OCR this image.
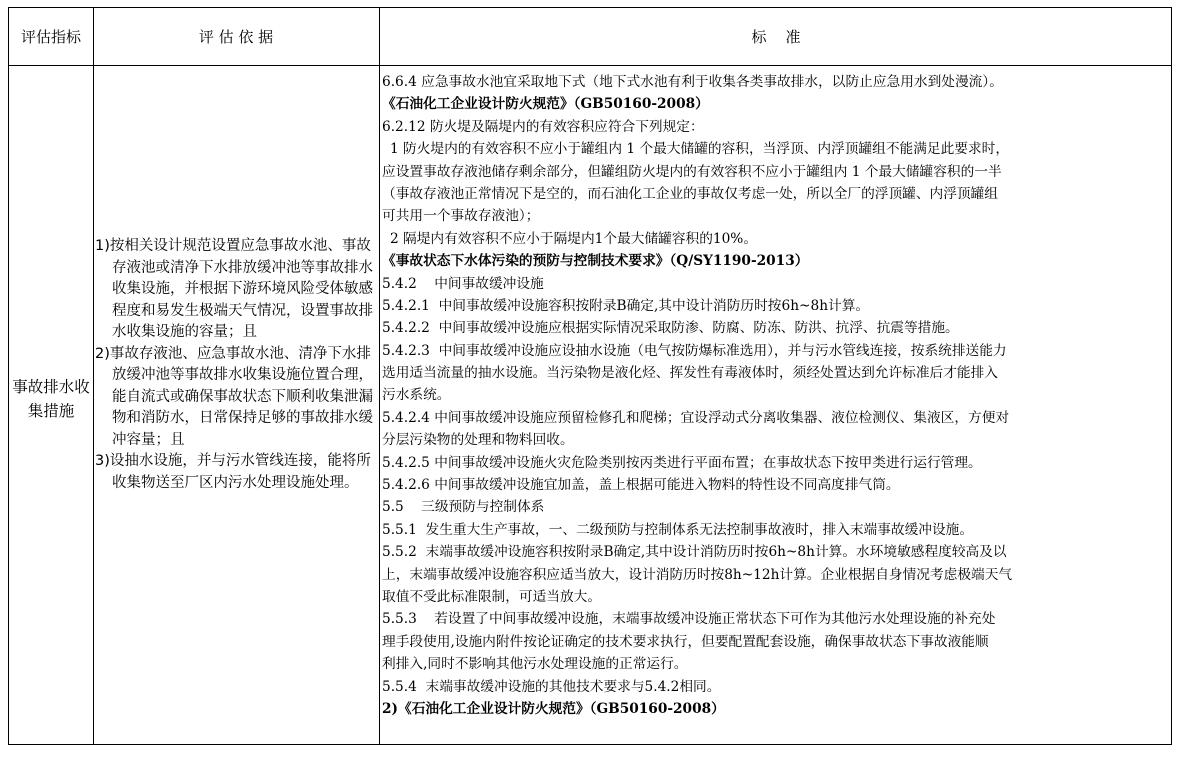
评估指标	评 估 依 据	标    准
事故排水收集措施

1)按相关设计规范设置应急事故水池、事故存液池或清净下水排放缓冲池等事故排水收集设施，并根据下游环境风险受体敏感程度和易发生极端天气情况，设置事故排水收集设施的容量；且

2)事故存液池、应急事故水池、清净下水排放缓冲池等事故排水收集设施位置合理，能自流式或确保事故状态下顺利收集泄漏物和消防水，日常保持足够的事故排水缓冲容量；且

3)设抽水设施，并与污水管线连接，能将所收集物送至厂区内污水处理设施处理。

6.6.4 应急事故水池宜采取地下式（地下式水池有利于收集各类事故排水，以防止应急用水到处漫流）。
《石油化工企业设计防火规范》（GB50160-2008）
6.2.12 防火堤及隔堤内的有效容积应符合下列规定：
1 防火堤内的有效容积不应小于罐组内 1 个最大储罐的容积，当浮顶、内浮顶罐组不能满足此要求时，
应设置事故存液池储存剩余部分，但罐组防火堤内的有效容积不应小于罐组内 1 个最大储罐容积的一半
（事故存液池正常情况下是空的，而石油化工企业的事故仅考虑一处，所以全厂的浮顶罐、内浮顶罐组
可共用一个事故存液池）；
2 隔堤内有效容积不应小于隔堤内1个最大储罐容积的10%。
《事故状态下水体污染的预防与控制技术要求》（Q/SY1190-2013）
5.4.2    中间事故缓冲设施
5.4.2.1  中间事故缓冲设施容积按附录B确定,其中设计消防历时按6h~8h计算。
5.4.2.2  中间事故缓冲设施应根据实际情况采取防渗、防腐、防冻、防洪、抗浮、抗震等措施。
5.4.2.3  中间事故缓冲设施应设抽水设施（电气按防爆标准选用），并与污水管线连接，按系统排送能力
选用适当流量的抽水设施。当污染物是液化烃、挥发性有毒液体时，须经处置达到允许标准后才能排入
污水系统。
5.4.2.4 中间事故缓冲设施应预留检修孔和爬梯；宜设浮动式分离收集器、液位检测仪、集液区，方便对
分层污染物的处理和物料回收。
5.4.2.5 中间事故缓冲设施火灾危险类别按丙类进行平面布置；在事故状态下按甲类进行运行管理。
5.4.2.6 中间事故缓冲设施宜加盖，盖上根据可能进入物料的特性设不同高度排气筒。
5.5    三级预防与控制体系
5.5.1  发生重大生产事故，一、二级预防与控制体系无法控制事故液时，排入末端事故缓冲设施。
5.5.2  末端事故缓冲设施容积按附录B确定,其中设计消防历时按6h~8h计算。水环境敏感程度较高及以
上，末端事故缓冲设施容积应适当放大，设计消防历时按8h~12h计算。企业根据自身情况考虑极端天气
取值不受此标准限制，可适当放大。
5.5.3    若设置了中间事故缓冲设施，末端事故缓冲设施正常状态下可作为其他污水处理设施的补充处
理手段使用,设施内附件按论证确定的技术要求执行，但要配置配套设施，确保事故状态下事故液能顺
利排入,同时不影响其他污水处理设施的正常运行。
5.5.4  末端事故缓冲设施的其他技术要求与5.4.2相同。
2)《石油化工企业设计防火规范》（GB50160-2008）
